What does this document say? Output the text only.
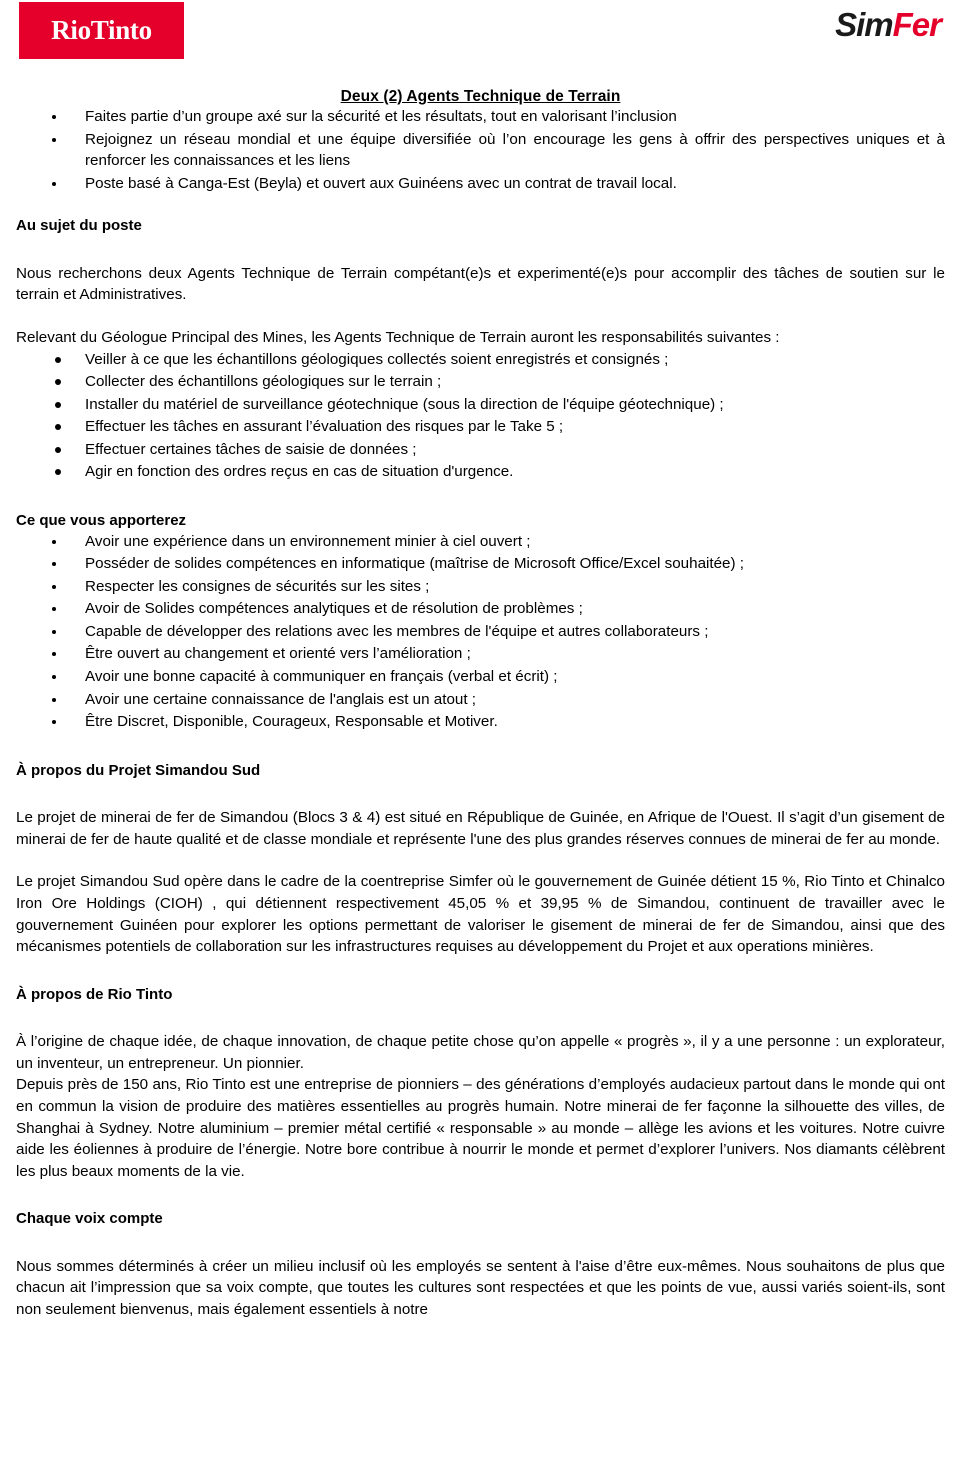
RioTinto	SimFer
Deux (2) Agents Technique de Terrain
Faites partie d’un groupe axé sur la sécurité et les résultats, tout en valorisant l’inclusion
Rejoignez un réseau mondial et une équipe diversifiée où l’on encourage les gens à offrir des perspectives uniques et à renforcer les connaissances et les liens
Poste basé à Canga-Est (Beyla) et ouvert aux Guinéens avec un contrat de travail local.
Au sujet du poste

Nous recherchons deux Agents Technique de Terrain compétant(e)s et experimenté(e)s pour accomplir des tâches de soutien sur le terrain et Administratives.

Relevant du Géologue Principal des Mines, les Agents Technique de Terrain auront les responsabilités suivantes :

Veiller à ce que les échantillons géologiques collectés soient enregistrés et consignés ;
Collecter des échantillons géologiques sur le terrain ;
Installer du matériel de surveillance géotechnique (sous la direction de l'équipe géotechnique) ;
Effectuer les tâches en assurant l’évaluation des risques par le Take 5 ;
Effectuer certaines tâches de saisie de données ;
Agir en fonction des ordres reçus en cas de situation d'urgence.
Ce que vous apporterez
Avoir une expérience dans un environnement minier à ciel ouvert ;
Posséder de solides compétences en informatique (maîtrise de Microsoft Office/Excel souhaitée) ;
Respecter les consignes de sécurités sur les sites ;
Avoir de Solides compétences analytiques et de résolution de problèmes ;
Capable de développer des relations avec les membres de l'équipe et autres collaborateurs ;
Être ouvert au changement et orienté vers l’amélioration ;
Avoir une bonne capacité à communiquer en français (verbal et écrit) ;
Avoir une certaine connaissance de l'anglais est un atout ;
Être Discret, Disponible, Courageux, Responsable et Motiver.
À propos du Projet Simandou Sud

Le projet de minerai de fer de Simandou (Blocs 3 & 4) est situé en République de Guinée, en Afrique de l'Ouest. Il s’agit d’un gisement de minerai de fer de haute qualité et de classe mondiale et représente l'une des plus grandes réserves connues de minerai de fer au monde.

Le projet Simandou Sud opère dans le cadre de la coentreprise Simfer où le gouvernement de Guinée détient 15 %, Rio Tinto et Chinalco Iron Ore Holdings (CIOH) , qui détiennent respectivement 45,05 % et 39,95 % de Simandou, continuent de travailler avec le gouvernement Guinéen pour explorer les options permettant de valoriser le gisement de minerai de fer de Simandou, ainsi que des mécanismes potentiels de collaboration sur les infrastructures requises au développement du Projet et aux operations minières.

À propos de Rio Tinto

À l’origine de chaque idée, de chaque innovation, de chaque petite chose qu’on appelle « progrès », il y a une personne : un explorateur, un inventeur, un entrepreneur. Un pionnier.

Depuis près de 150 ans, Rio Tinto est une entreprise de pionniers – des générations d’employés audacieux partout dans le monde qui ont en commun la vision de produire des matières essentielles au progrès humain. Notre minerai de fer façonne la silhouette des villes, de Shanghai à Sydney. Notre aluminium – premier métal certifié « responsable » au monde – allège les avions et les voitures. Notre cuivre aide les éoliennes à produire de l’énergie. Notre bore contribue à nourrir le monde et permet d’explorer l’univers. Nos diamants célèbrent les plus beaux moments de la vie.

Chaque voix compte

Nous sommes déterminés à créer un milieu inclusif où les employés se sentent à l'aise d’être eux-mêmes. Nous souhaitons de plus que chacun ait l’impression que sa voix compte, que toutes les cultures sont respectées et que les points de vue, aussi variés soient-ils, sont non seulement bienvenus, mais également essentiels à notre
